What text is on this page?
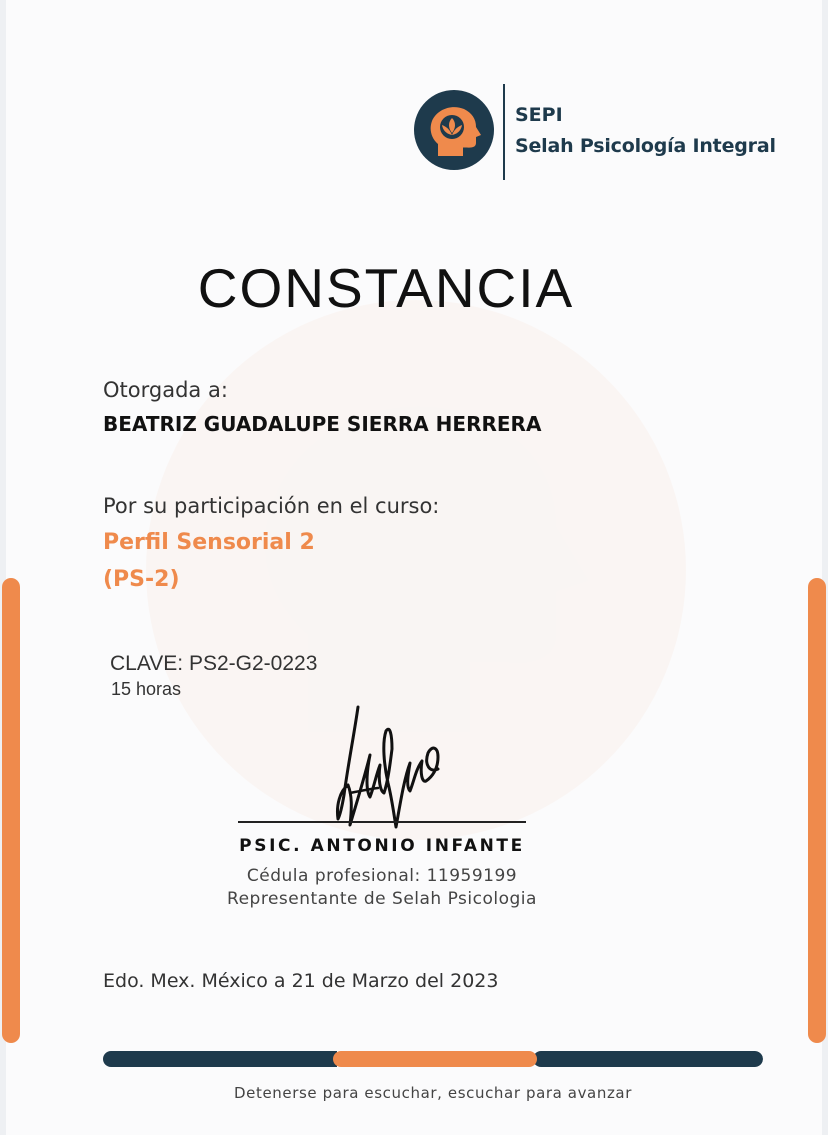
SEPI
Selah Psicología Integral
CONSTANCIA
Otorgada a:
BEATRIZ GUADALUPE SIERRA HERRERA
Por su participación en el curso:
Perfil Sensorial 2
(PS-2)
CLAVE: PS2-G2-0223
15 horas
PSIC. ANTONIO INFANTE
Cédula profesional: 11959199
Representante de Selah Psicologia
Edo. Mex. México a 21 de Marzo del 2023
Detenerse para escuchar, escuchar para avanzar
